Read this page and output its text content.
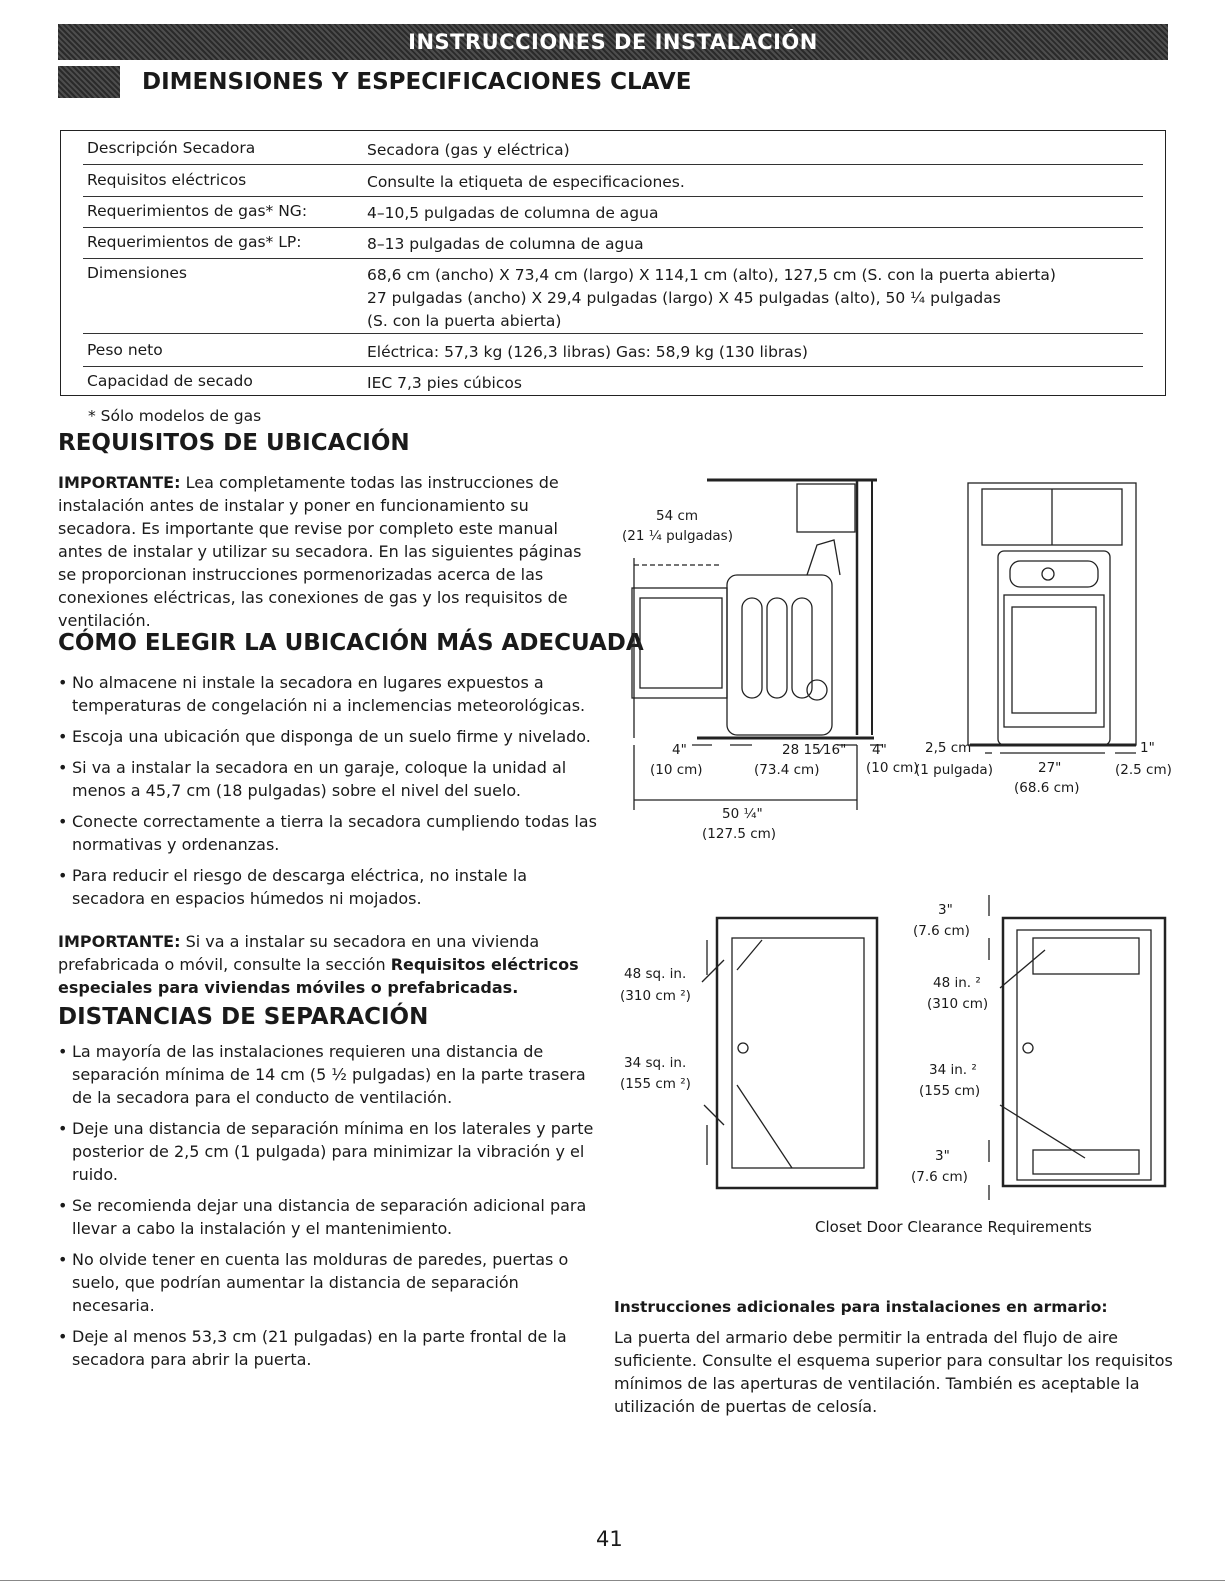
INSTRUCCIONES DE INSTALACIÓN
DIMENSIONES Y ESPECIFICACIONES CLAVE
Descripción Secadora	Secadora (gas y eléctrica)
Requisitos eléctricos	Consulte la etiqueta de especificaciones.
Requerimientos de gas* NG:	4–10,5 pulgadas de columna de agua
Requerimientos de gas* LP:	8–13 pulgadas de columna de agua
Dimensiones	68,6 cm (ancho) X 73,4 cm (largo) X 114,1 cm (alto), 127,5 cm (S. con la puerta abierta)
27 pulgadas (ancho) X 29,4 pulgadas (largo) X 45 pulgadas (alto), 50 ¼ pulgadas
(S. con la puerta abierta)
Peso neto	Eléctrica: 57,3 kg (126,3 libras) Gas: 58,9 kg (130 libras)
Capacidad de secado	IEC 7,3 pies cúbicos
* Sólo modelos de gas
REQUISITOS DE UBICACIÓN
IMPORTANTE: Lea completamente todas las instrucciones de instalación antes de instalar y poner en funcionamiento su secadora. Es importante que revise por completo este manual antes de instalar y utilizar su secadora. En las siguientes páginas se proporcionan instrucciones pormenorizadas acerca de las conexiones eléctricas, las conexiones de gas y los requisitos de ventilación.
CÓMO ELEGIR LA UBICACIÓN MÁS ADECUADA
• No almacene ni instale la secadora en lugares expuestos a temperaturas de congelación ni a inclemencias meteorológicas.
• Escoja una ubicación que disponga de un suelo firme y nivelado.
• Si va a instalar la secadora en un garaje, coloque la unidad al menos a 45,7 cm (18 pulgadas) sobre el nivel del suelo.
• Conecte correctamente a tierra la secadora cumpliendo todas las normativas y ordenanzas.
• Para reducir el riesgo de descarga eléctrica, no instale la secadora en espacios húmedos ni mojados.
IMPORTANTE: Si va a instalar su secadora en una vivienda prefabricada o móvil, consulte la sección Requisitos eléctricos especiales para viviendas móviles o prefabricadas.
DISTANCIAS DE SEPARACIÓN
• La mayoría de las instalaciones requieren una distancia de separación mínima de 14 cm (5 ½ pulgadas) en la parte trasera de la secadora para el conducto de ventilación.
• Deje una distancia de separación mínima en los laterales y parte posterior de 2,5 cm (1 pulgada) para minimizar la vibración y el ruido.
• Se recomienda dejar una distancia de separación adicional para llevar a cabo la instalación y el mantenimiento.
• No olvide tener en cuenta las molduras de paredes, puertas o suelo, que podrían aumentar la distancia de separación necesaria.
• Deje al menos 53,3 cm (21 pulgadas) en la parte frontal de la secadora para abrir la puerta.
54 cm
(21 ¼ pulgadas)
4"
(10 cm)
28 15⁄16"
(73.4 cm)	(10 cm)
50 ¼"
(127.5 cm)
4"	2,5 cm
(1 pulgada)	27"
(68.6 cm)
1"
(2.5 cm)
48 sq. in.
(310 cm ²)
34 sq. in.
(155 cm ²)
3"
(7.6 cm)
48 in. ²
(310 cm)
34 in. ²
(155 cm)
3"
(7.6 cm)
Closet Door Clearance Requirements
Instrucciones adicionales para instalaciones en armario:
La puerta del armario debe permitir la entrada del flujo de aire suficiente. Consulte el esquema superior para consultar los requisitos mínimos de las aperturas de ventilación. También es aceptable la utilización de puertas de celosía.
41
